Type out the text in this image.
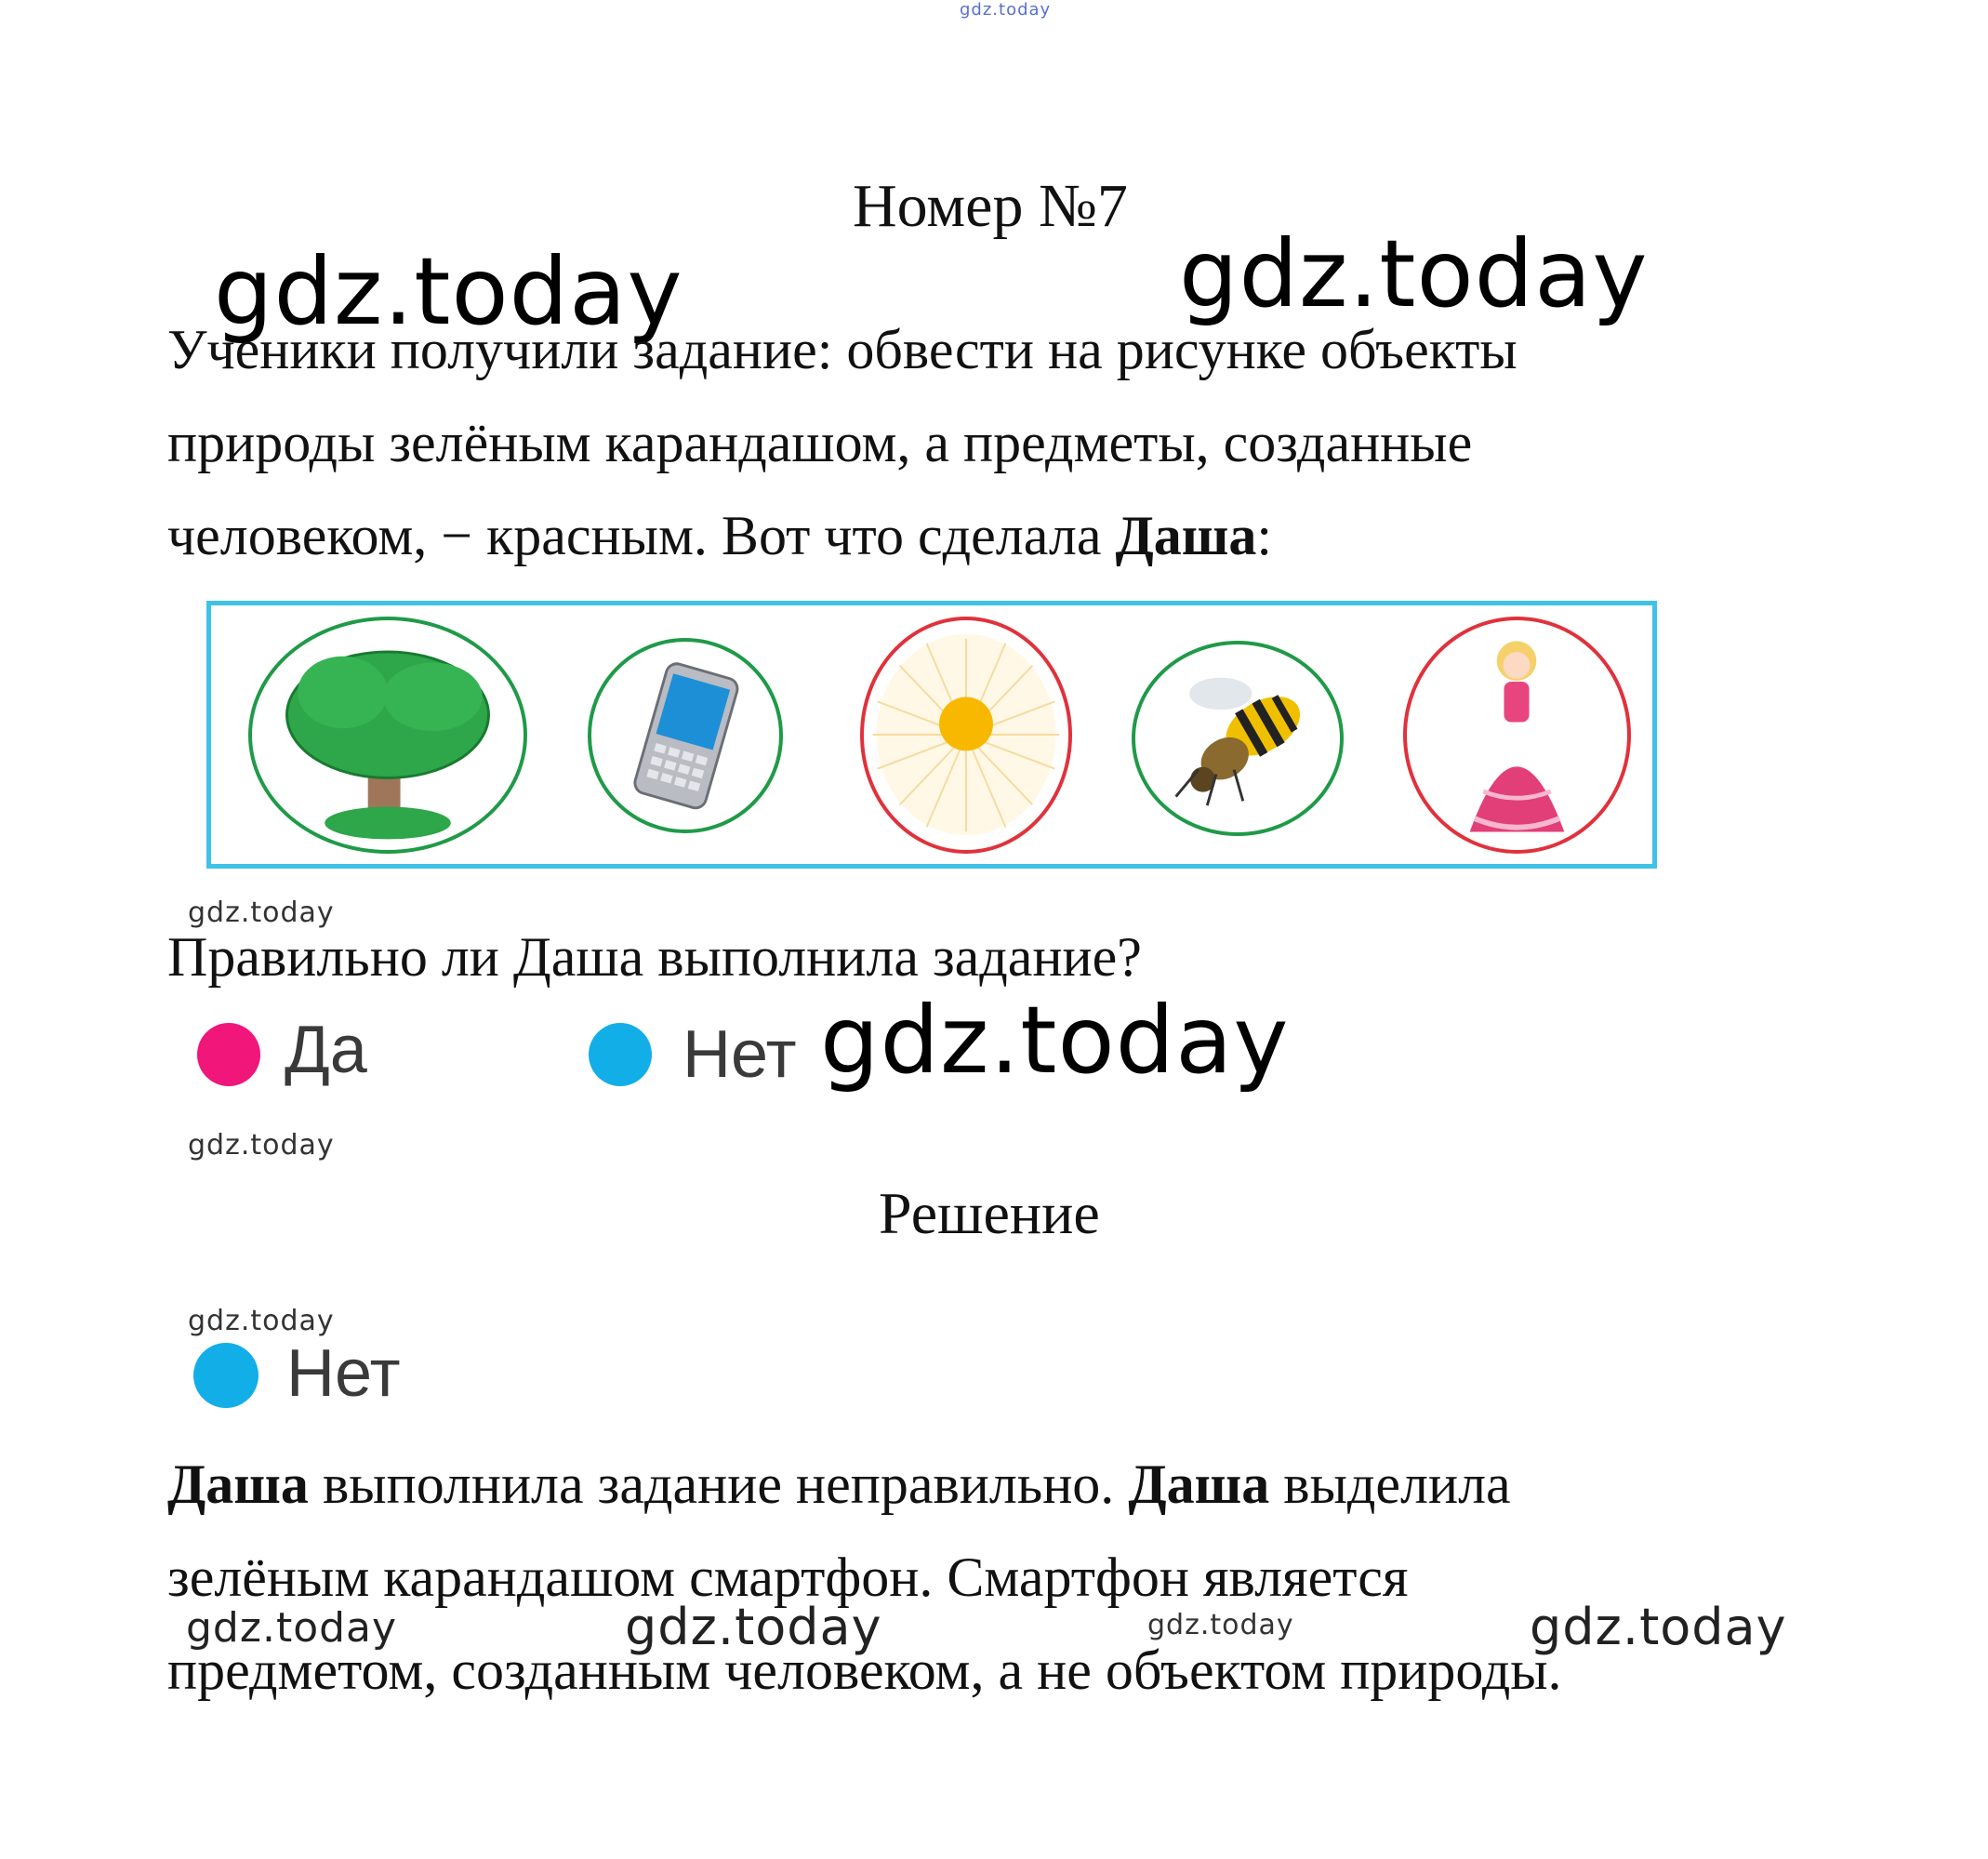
gdz.today
Номер №7
gdz.today	gdz.today
Ученики получили задание: обвести на рисунке объекты
природы зелёным карандашом, а предметы, созданные
человеком, − красным. Вот что сделала Даша:
gdz.today
Правильно ли Даша выполнила задание?
Да	Нет gdz.today
gdz.today
Решение
gdz.today
Нет
Даша выполнила задание неправильно. Даша выделила
зелёным карандашом смартфон. Смартфон является
предметом, созданным человеком, а не объектом природы.
gdz.today	gdz.today	gdz.today	gdz.today
